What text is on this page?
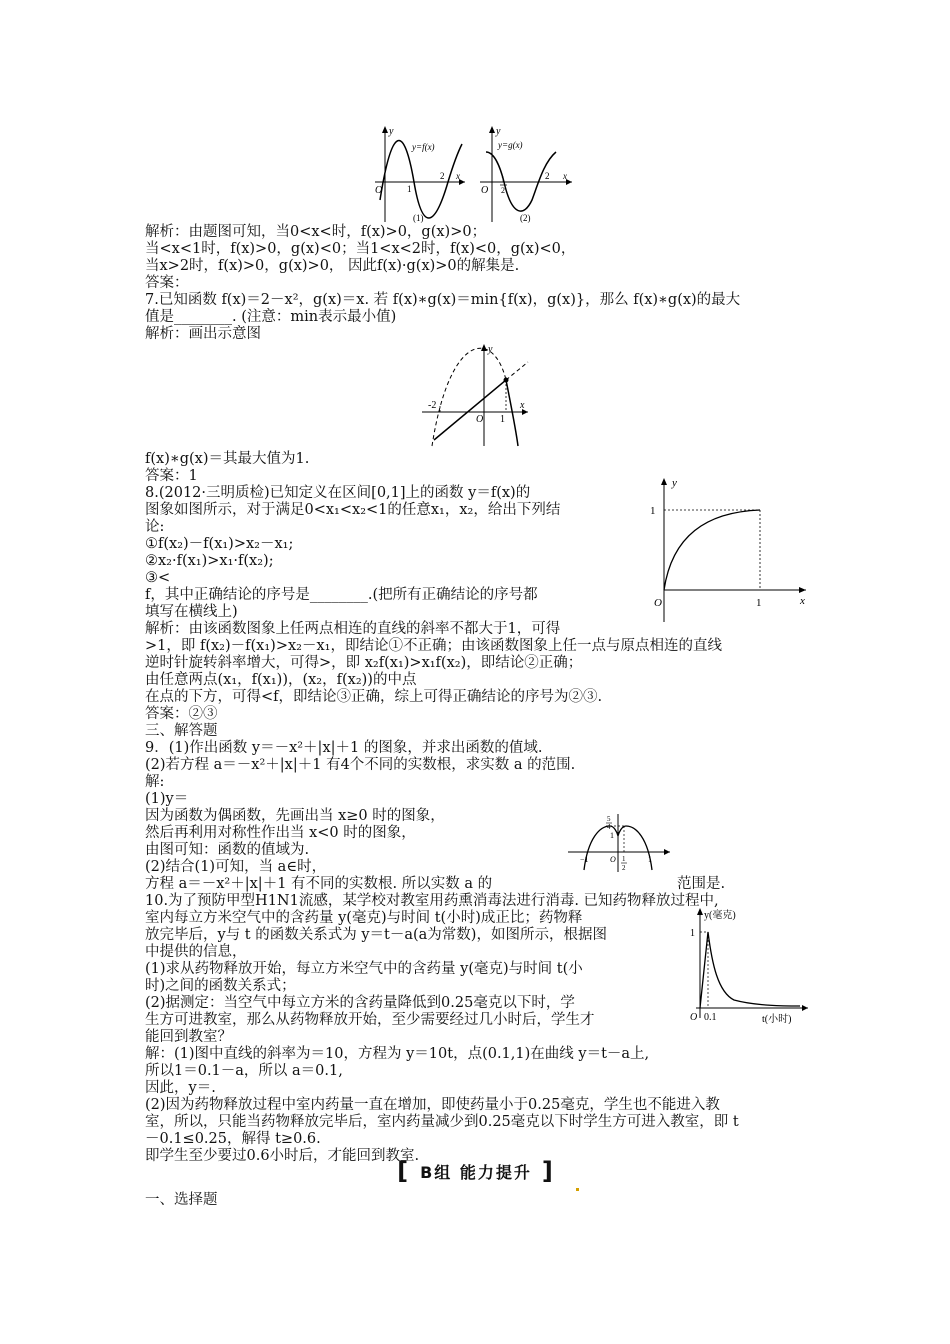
y
y=f(x)
O	1
2 x
(1)
y
y=g(x)
O
1
2
2 x
(2)
y
O
-2
1
x
y
1
O	1	x
5
4
1
−1	O 1
2
1
y(毫克)
1
O 0.1	t(小时)
解析：由题图可知，当0<x<时，f(x)>0，g(x)>0；
当<x<1时，f(x)>0，g(x)<0；当1<x<2时，f(x)<0，g(x)<0，
当x>2时，f(x)>0，g(x)>0， 因此f(x)·g(x)>0的解集是.
答案：
7.已知函数 f(x)＝2－x²，g(x)＝x. 若 f(x)∗g(x)＝min{f(x)，g(x)}，那么 f(x)∗g(x)的最大
值是________. (注意：min表示最小值)
解析：画出示意图
f(x)∗g(x)＝其最大值为1.
答案：1
8.(2012·三明质检)已知定义在区间[0,1]上的函数 y＝f(x)的
图象如图所示，对于满足0<x₁<x₂<1的任意x₁，x₂，给出下列结
论:
①f(x₂)－f(x₁)>x₂－x₁;
②x₂·f(x₁)>x₁·f(x₂);
③<
f，其中正确结论的序号是________.(把所有正确结论的序号都
填写在横线上)
解析：由该函数图象上任两点相连的直线的斜率不都大于1，可得
>1，即 f(x₂)－f(x₁)>x₂－x₁，即结论①不正确；由该函数图象上任一点与原点相连的直线
逆时针旋转斜率增大，可得>，即 x₂f(x₁)>x₁f(x₂)，即结论②正确；
由任意两点(x₁，f(x₁))，(x₂，f(x₂))的中点
在点的下方，可得<f，即结论③正确，综上可得正确结论的序号为②③.
答案：②③
三、解答题
9．(1)作出函数 y＝－x²＋|x|＋1 的图象，并求出函数的值域.
(2)若方程 a＝－x²＋|x|＋1 有4个不同的实数根，求实数 a 的范围.
解:
(1)y＝
因为函数为偶函数，先画出当 x≥0 时的图象，
然后再利用对称性作出当 x<0 时的图象，
由图可知：函数的值域为.
(2)结合(1)可知，当 a∈时，
方程 a＝－x²＋|x|＋1 有不同的实数根. 所以实数 a 的	范围是.
10.为了预防甲型H1N1流感，某学校对教室用药熏消毒法进行消毒. 已知药物释放过程中,
室内每立方米空气中的含药量 y(毫克)与时间 t(小时)成正比；药物释
放完毕后，y与 t 的函数关系式为 y＝t－a(a为常数)，如图所示，根据图
中提供的信息，
(1)求从药物释放开始，每立方米空气中的含药量 y(毫克)与时间 t(小
时)之间的函数关系式；
(2)据测定：当空气中每立方米的含药量降低到0.25毫克以下时，学
生方可进教室，那么从药物释放开始，至少需要经过几小时后，学生才
能回到教室？
解：(1)图中直线的斜率为＝10，方程为 y＝10t，点(0.1,1)在曲线 y＝t－a上,
所以1＝0.1－a，所以 a＝0.1,
因此，y＝.
(2)因为药物释放过程中室内药量一直在增加，即使药量小于0.25毫克，学生也不能进入教
室，所以，只能当药物释放完毕后，室内药量减少到0.25毫克以下时学生方可进入教室，即 t
－0.1≤0.25，解得 t≥0.6.
即学生至少要过0.6小时后，才能回到教室.
[ B组 能力提升 ]
一、选择题
